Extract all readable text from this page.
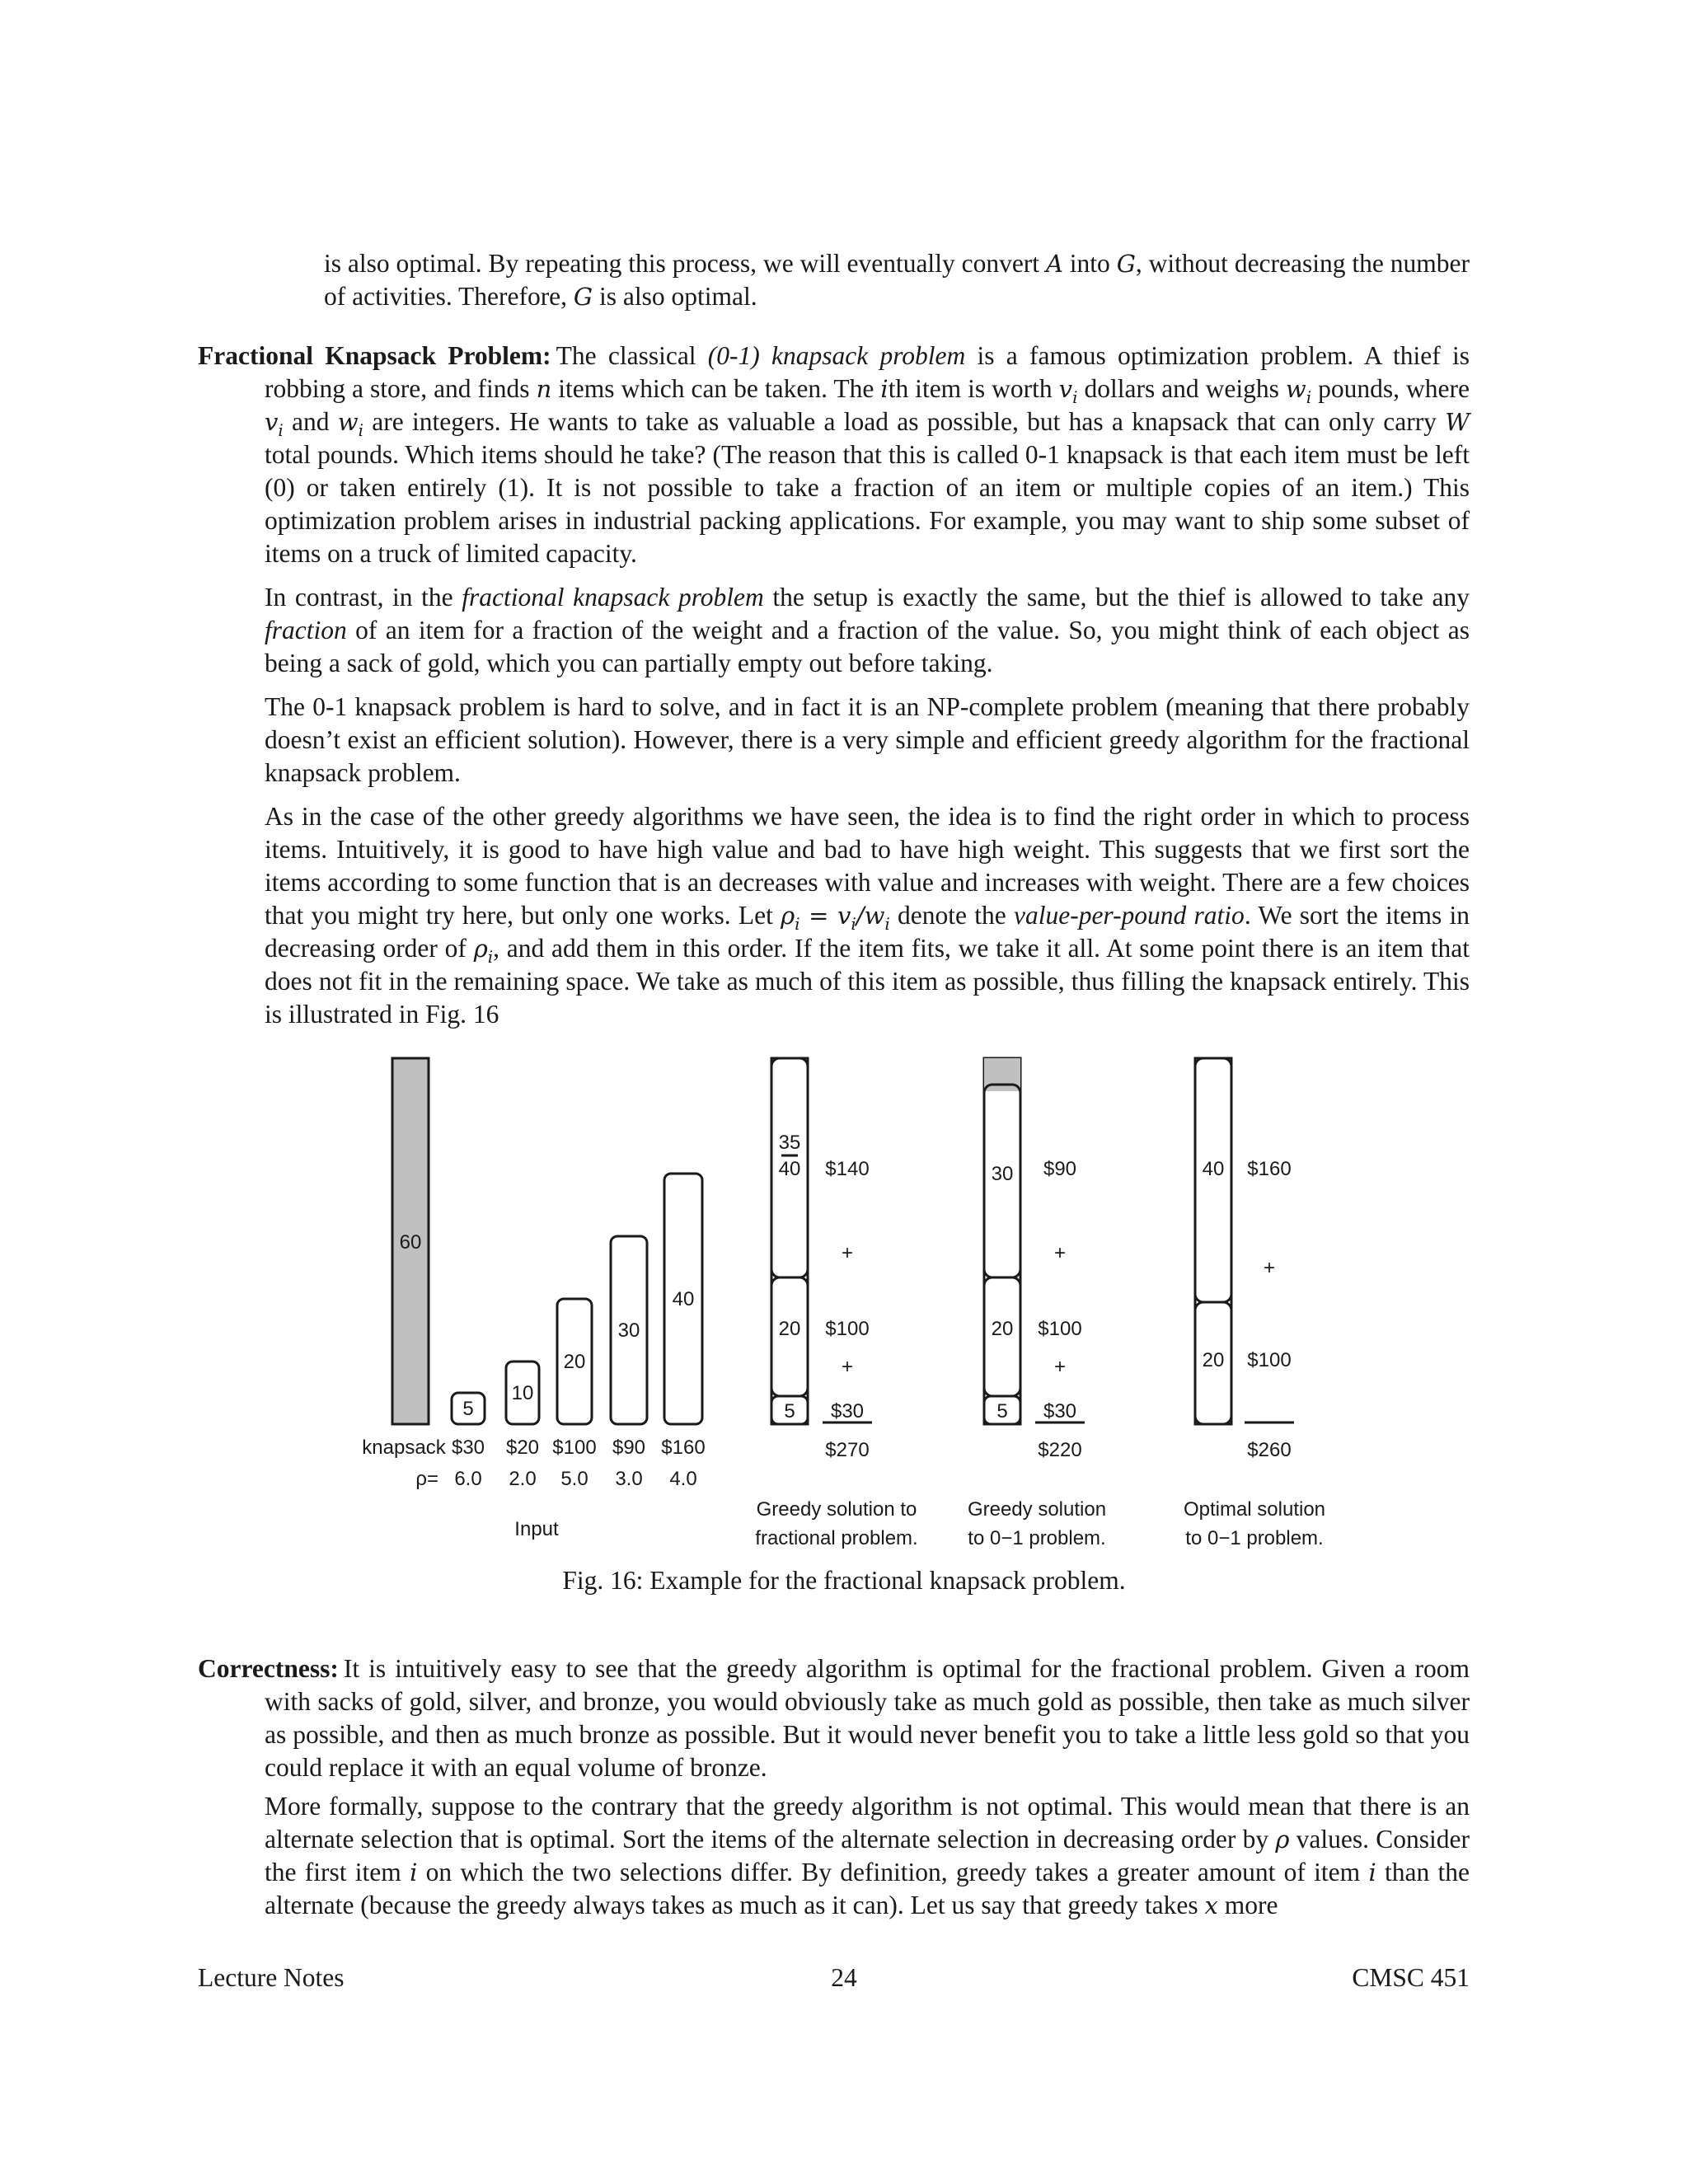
is also optimal. By repeating this process, we will eventually convert A into G, without decreasing the number of activities. Therefore, G is also optimal.

Fractional Knapsack Problem: The classical (0-1) knapsack problem is a famous optimization problem. A thief is robbing a store, and finds n items which can be taken. The ith item is worth $v_i$ dollars and weighs $w_i$ pounds, where $v_i$ and $w_i$ are integers. He wants to take as valuable a load as possible, but has a knapsack that can only carry W total pounds. Which items should he take? (The reason that this is called 0-1 knapsack is that each item must be left (0) or taken entirely (1). It is not possible to take a fraction of an item or multiple copies of an item.) This optimization problem arises in industrial packing applications. For example, you may want to ship some subset of items on a truck of limited capacity.

In contrast, in the fractional knapsack problem the setup is exactly the same, but the thief is allowed to take any fraction of an item for a fraction of the weight and a fraction of the value. So, you might think of each object as being a sack of gold, which you can partially empty out before taking.

The 0-1 knapsack problem is hard to solve, and in fact it is an NP-complete problem (meaning that there probably doesn’t exist an efficient solution). However, there is a very simple and efficient greedy algorithm for the fractional knapsack problem.

As in the case of the other greedy algorithms we have seen, the idea is to find the right order in which to process items. Intuitively, it is good to have high value and bad to have high weight. This suggests that we first sort the items according to some function that is an decreases with value and increases with weight. There are a few choices that you might try here, but only one works. Let $\rho_i = v_i/w_i$ denote the value-per-pound ratio. We sort the items in decreasing order of $\rho_i$, and add them in this order. If the item fits, we take it all. At some point there is an item that does not fit in the remaining space. We take as much of this item as possible, thus filling the knapsack entirely. This is illustrated in Fig. 16

60
5
10
20
30
40
knapsack $30 $20 $100 $90 $160
ρ= 6.0 2.0 5.0 3.0 4.0
Input
35
40 $140
+
20 $100
+
5 $30
$270
Greedy solution to
fractional problem.
30 $90
+
20 $100
+
5 $30
$220
Greedy solution
to 0−1 problem.
40 $160
+
20 $100
$260
Optimal solution
to 0−1 problem.
Fig. 16: Example for the fractional knapsack problem.

Correctness: It is intuitively easy to see that the greedy algorithm is optimal for the fractional problem. Given a room with sacks of gold, silver, and bronze, you would obviously take as much gold as possible, then take as much silver as possible, and then as much bronze as possible. But it would never benefit you to take a little less gold so that you could replace it with an equal volume of bronze.

More formally, suppose to the contrary that the greedy algorithm is not optimal. This would mean that there is an alternate selection that is optimal. Sort the items of the alternate selection in decreasing order by ρ values. Consider the first item i on which the two selections differ. By definition, greedy takes a greater amount of item i than the alternate (because the greedy always takes as much as it can). Let us say that greedy takes x more

Lecture Notes	24	CMSC 451
